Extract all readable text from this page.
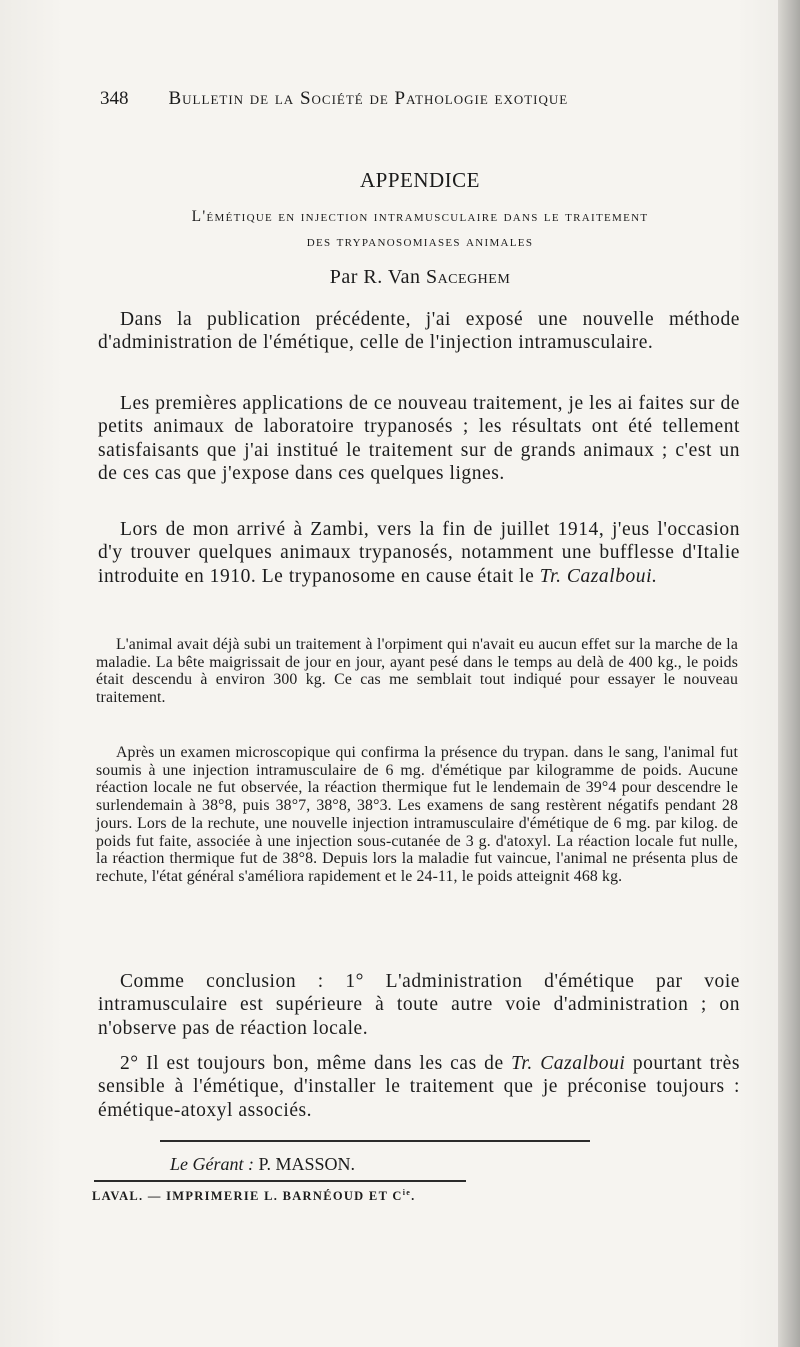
348 Bulletin de la Société de Pathologie exotique
APPENDICE
L'émétique en injection intramusculaire dans le traitement
des trypanosomiases animales
Par R. Van Saceghem

Dans la publication précédente, j'ai exposé une nouvelle méthode d'administration de l'émétique, celle de l'injection intramusculaire.

Les premières applications de ce nouveau traitement, je les ai faites sur de petits animaux de laboratoire trypanosés ; les résultats ont été tellement satisfaisants que j'ai institué le traitement sur de grands animaux ; c'est un de ces cas que j'expose dans ces quelques lignes.

Lors de mon arrivé à Zambi, vers la fin de juillet 1914, j'eus l'occasion d'y trouver quelques animaux trypanosés, notamment une bufflesse d'Italie introduite en 1910. Le trypanosome en cause était le Tr. Cazalboui.

L'animal avait déjà subi un traitement à l'orpiment qui n'avait eu aucun effet sur la marche de la maladie. La bête maigrissait de jour en jour, ayant pesé dans le temps au delà de 400 kg., le poids était descendu à environ 300 kg. Ce cas me semblait tout indiqué pour essayer le nouveau traitement.

Après un examen microscopique qui confirma la présence du trypan. dans le sang, l'animal fut soumis à une injection intramusculaire de 6 mg. d'émétique par kilogramme de poids. Aucune réaction locale ne fut observée, la réaction thermique fut le lendemain de 39°4 pour descendre le surlendemain à 38°8, puis 38°7, 38°8, 38°3. Les examens de sang restèrent négatifs pendant 28 jours. Lors de la rechute, une nouvelle injection intramusculaire d'émétique de 6 mg. par kilog. de poids fut faite, associée à une injection sous-cutanée de 3 g. d'atoxyl. La réaction locale fut nulle, la réaction thermique fut de 38°8. Depuis lors la maladie fut vaincue, l'animal ne présenta plus de rechute, l'état général s'améliora rapidement et le 24-11, le poids atteignit 468 kg.

Comme conclusion : 1° L'administration d'émétique par voie intramusculaire est supérieure à toute autre voie d'administration ; on n'observe pas de réaction locale.

2° Il est toujours bon, même dans les cas de Tr. Cazalboui pourtant très sensible à l'émétique, d'installer le traitement que je préconise toujours : émétique-atoxyl associés.

Le Gérant : P. MASSON.
LAVAL. — IMPRIMERIE L. BARNÉOUD ET $C^{ie}$.
